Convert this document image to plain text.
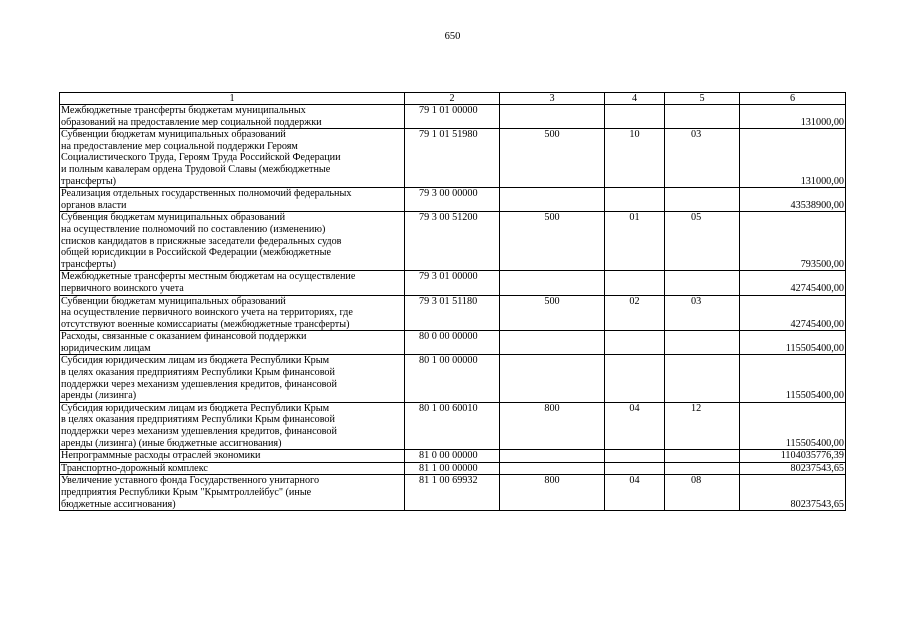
650
1	2	3	4	5	6
Межбюджетные трансферты бюджетам муниципальных
образований на предоставление мер социальной поддержки	79 1 01 00000				131000,00
Субвенции бюджетам муниципальных образований
на предоставление мер социальной поддержки Героям
Социалистического Труда, Героям Труда Российской Федерации
и полным кавалерам ордена Трудовой Славы (межбюджетные
трансферты)	79 1 01 51980	500	10	03	131000,00
Реализация отдельных государственных полномочий федеральных
органов власти	79 3 00 00000				43538900,00
Субвенция бюджетам муниципальных образований
на осуществление полномочий по составлению (изменению)
списков кандидатов в присяжные заседатели федеральных судов
общей юрисдикции в Российской Федерации (межбюджетные
трансферты)	79 3 00 51200	500	01	05	793500,00
Межбюджетные трансферты местным бюджетам на осуществление
первичного воинского учета	79 3 01 00000				42745400,00
Субвенции бюджетам муниципальных образований
на осуществление первичного воинского учета на территориях, где
отсутствуют военные комиссариаты (межбюджетные трансферты)	79 3 01 51180	500	02	03	42745400,00
Расходы, связанные с оказанием финансовой поддержки
юридическим лицам	80 0 00 00000				115505400,00
Субсидия юридическим лицам из бюджета Республики Крым
в целях оказания предприятиям Республики Крым финансовой
поддержки через механизм удешевления кредитов, финансовой
аренды (лизинга)	80 1 00 00000				115505400,00
Субсидия юридическим лицам из бюджета Республики Крым
в целях оказания предприятиям Республики Крым финансовой
поддержки через механизм удешевления кредитов, финансовой
аренды (лизинга) (иные бюджетные ассигнования)	80 1 00 60010	800	04	12	115505400,00
Непрограммные расходы отраслей экономики	81 0 00 00000				1104035776,39
Транспортно-дорожный комплекс	81 1 00 00000				80237543,65
Увеличение уставного фонда Государственного унитарного
предприятия Республики Крым "Крымтроллейбус" (иные
бюджетные ассигнования)	81 1 00 69932	800	04	08	80237543,65
